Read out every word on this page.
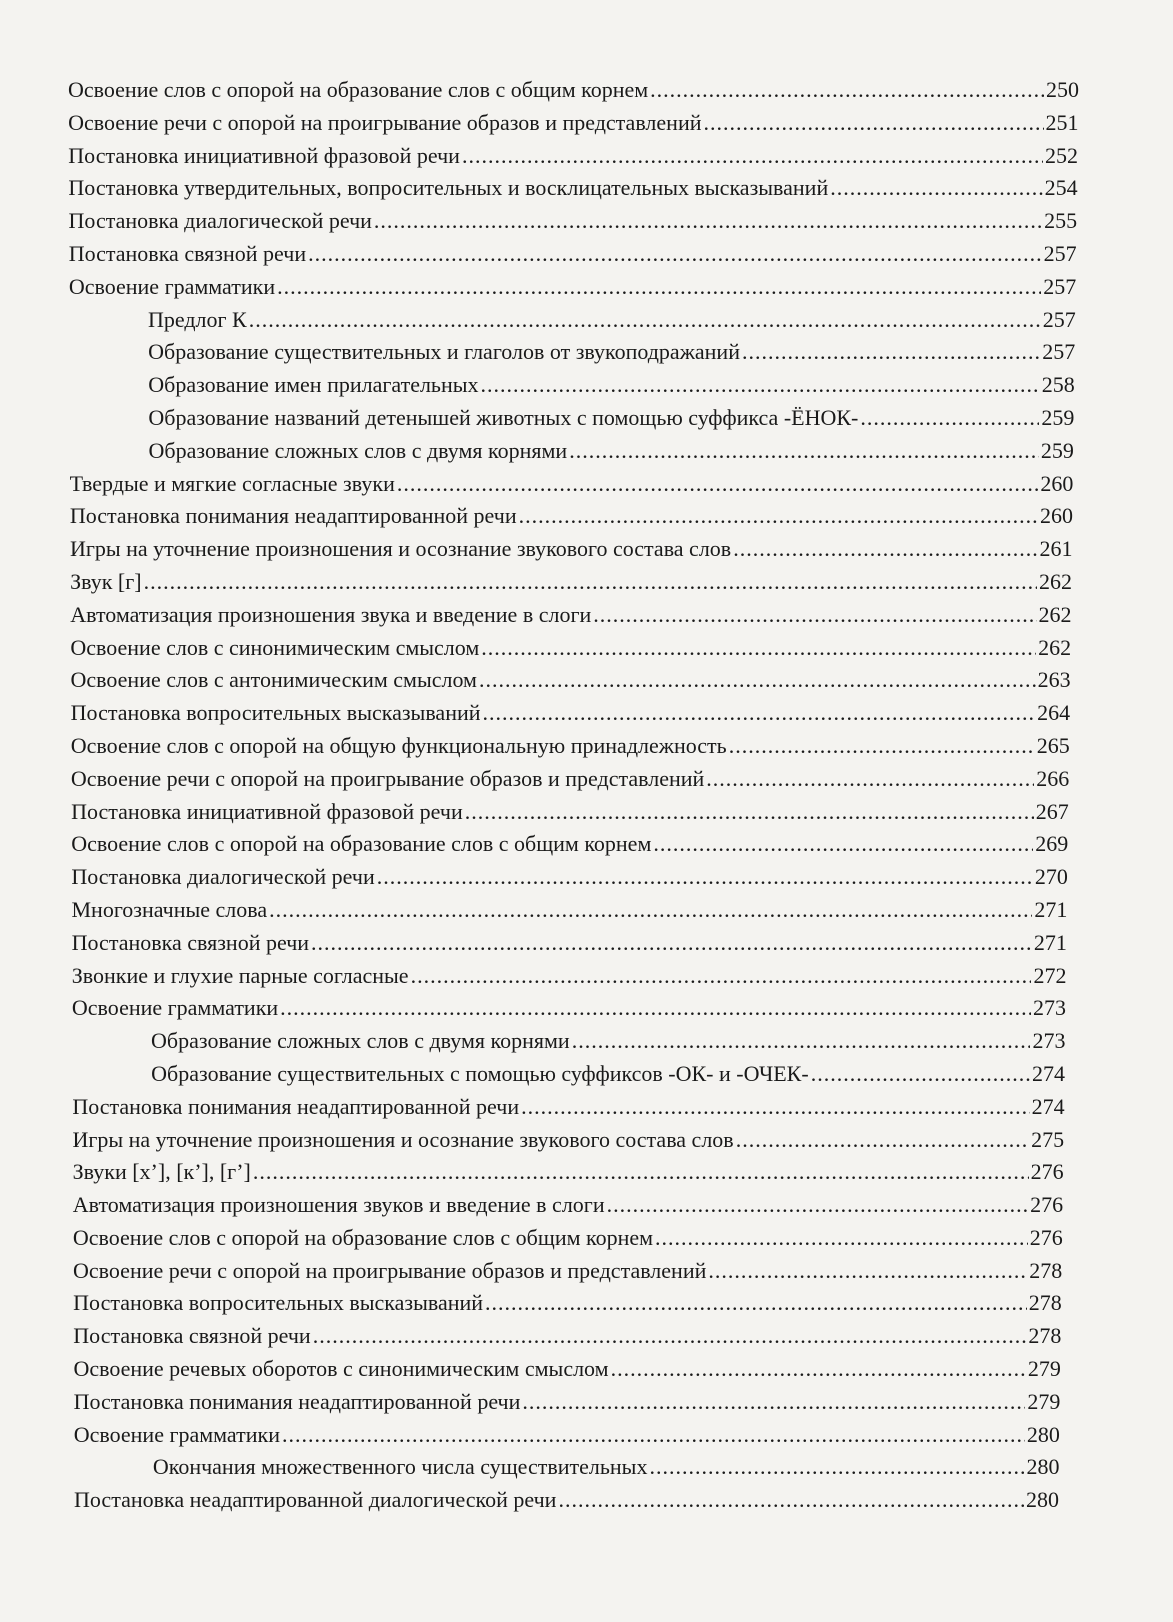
Освоение слов с опорой на образование слов с общим корнем .....	250
Освоение речи с опорой на проигрывание образов и представлений .....	251
Постановка инициативной фразовой речи .....	252
Постановка утвердительных, вопросительных и восклицательных высказываний .....	254
Постановка диалогической речи .....	255
Постановка связной речи .....	257
Освоение грамматики .....	257
Предлог К .....	257
Образование существительных и глаголов от звукоподражаний .....	257
Образование имен прилагательных .....	258
Образование названий детенышей животных с помощью суффикса -ЁНОК- .....	259
Образование сложных слов с двумя корнями .....	259
Твердые и мягкие согласные звуки .....	260
Постановка понимания неадаптированной речи .....	260
Игры на уточнение произношения и осознание звукового состава слов .....	261
Звук [г] .....	262
Автоматизация произношения звука и введение в слоги .....	262
Освоение слов с синонимическим смыслом .....	262
Освоение слов с антонимическим смыслом .....	263
Постановка вопросительных высказываний .....	264
Освоение слов с опорой на общую функциональную принадлежность .....	265
Освоение речи с опорой на проигрывание образов и представлений .....	266
Постановка инициативной фразовой речи .....	267
Освоение слов с опорой на образование слов с общим корнем .....	269
Постановка диалогической речи .....	270
Многозначные слова .....	271
Постановка связной речи .....	271
Звонкие и глухие парные согласные .....	272
Освоение грамматики .....	273
Образование сложных слов с двумя корнями .....	273
Образование существительных с помощью суффиксов -ОК- и -ОЧЕК- .....	274
Постановка понимания неадаптированной речи .....	274
Игры на уточнение произношения и осознание звукового состава слов .....	275
Звуки [х’], [к’], [г’] .....	276
Автоматизация произношения звуков и введение в слоги .....	276
Освоение слов с опорой на образование слов с общим корнем .....	276
Освоение речи с опорой на проигрывание образов и представлений .....	278
Постановка вопросительных высказываний .....	278
Постановка связной речи .....	278
Освоение речевых оборотов с синонимическим смыслом .....	279
Постановка понимания неадаптированной речи .....	279
Освоение грамматики .....	280
Окончания множественного числа существительных .....	280
Постановка неадаптированной диалогической речи .....	280
